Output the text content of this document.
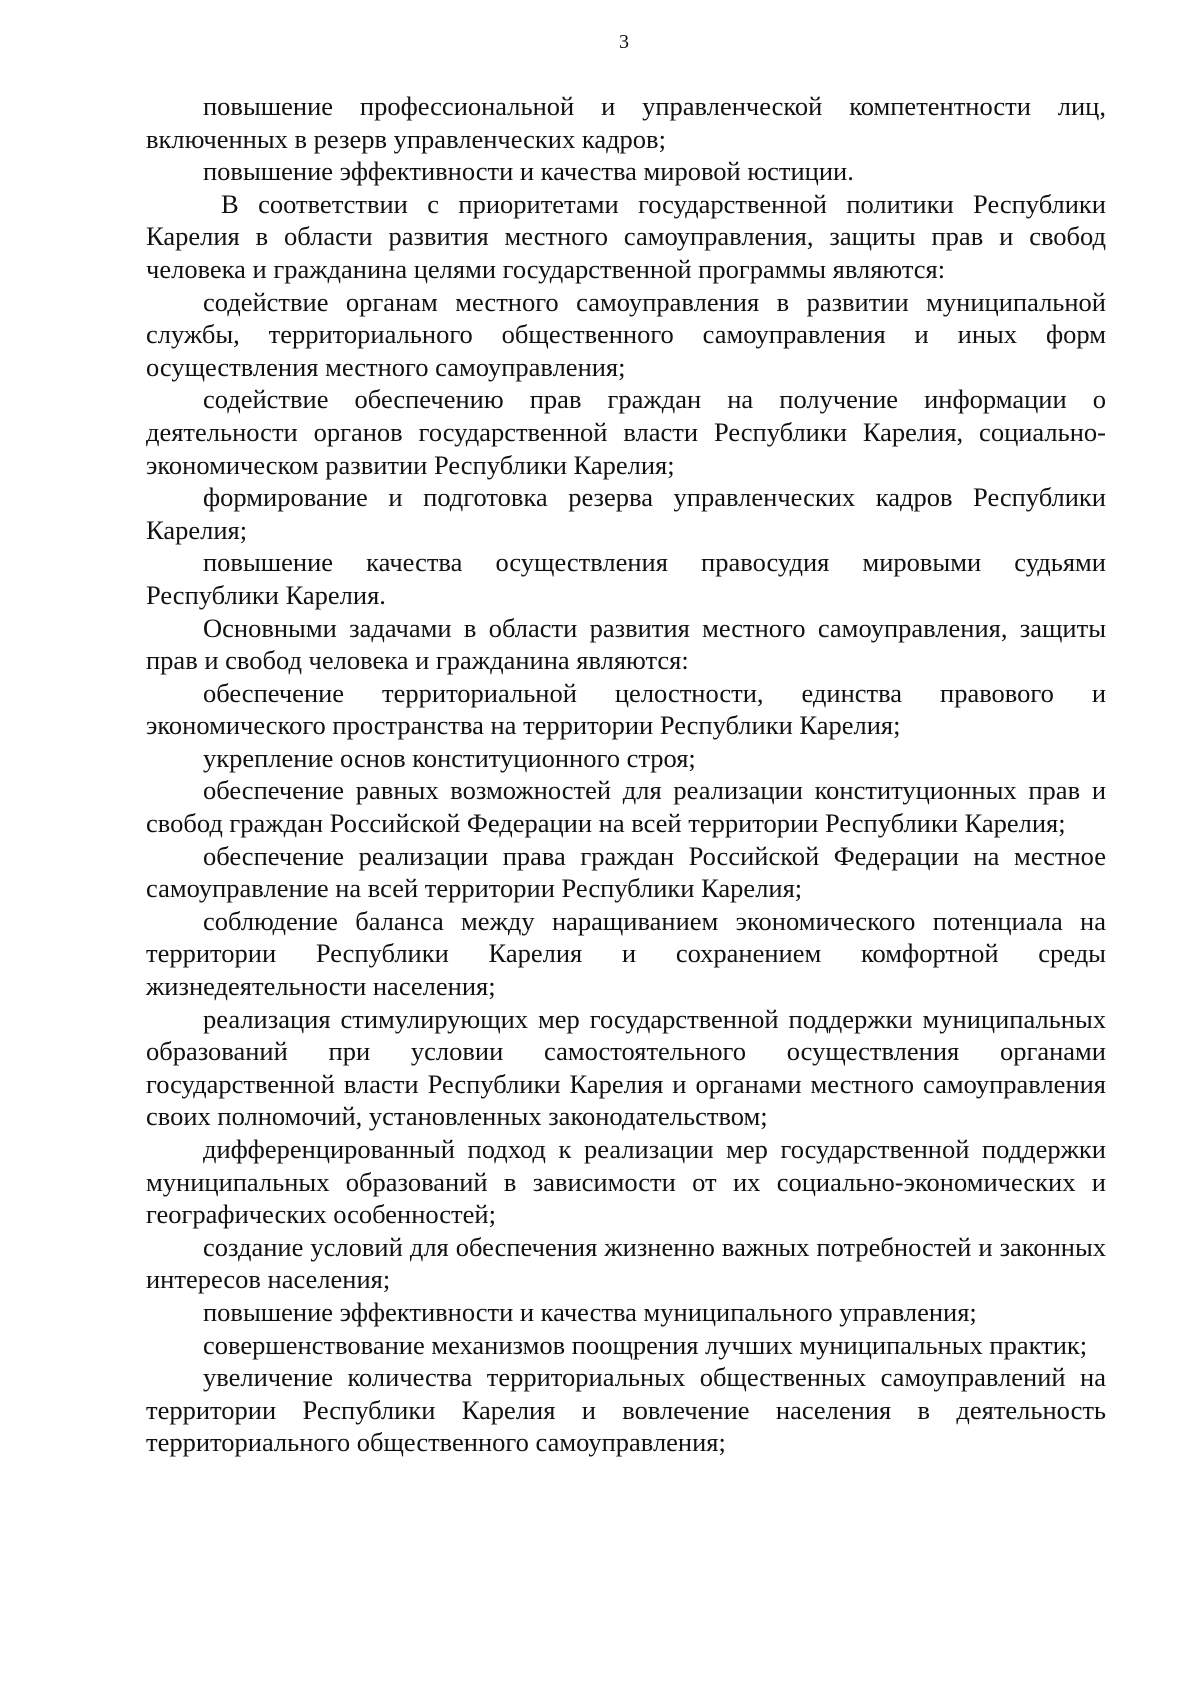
3

повышение профессиональной и управленческой компетентности лиц, включенных в резерв управленческих кадров;

повышение эффективности и качества мировой юстиции.

В соответствии с приоритетами государственной политики Республики Карелия в области развития местного самоуправления, защиты прав и свобод человека и гражданина целями государственной программы являются:

содействие органам местного самоуправления в развитии муниципальной службы, территориального общественного самоуправления и иных форм осуществления местного самоуправления;

содействие обеспечению прав граждан на получение информации о деятельности органов государственной власти Республики Карелия, социально-экономическом развитии Республики Карелия;

формирование и подготовка резерва управленческих кадров Республики Карелия;

повышение качества осуществления правосудия мировыми судьями Республики Карелия.

Основными задачами в области развития местного самоуправления, защиты прав и свобод человека и гражданина являются:

обеспечение территориальной целостности, единства правового и экономического пространства на территории Республики Карелия;

укрепление основ конституционного строя;

обеспечение равных возможностей для реализации конституционных прав и свобод граждан Российской Федерации на всей территории Республики Карелия;

обеспечение реализации права граждан Российской Федерации на местное самоуправление на всей территории Республики Карелия;

соблюдение баланса между наращиванием экономического потенциала на территории Республики Карелия и сохранением комфортной среды жизнедеятельности населения;

реализация стимулирующих мер государственной поддержки муниципальных образований при условии самостоятельного осуществления органами государственной власти Республики Карелия и органами местного самоуправления своих полномочий, установленных законодательством;

дифференцированный подход к реализации мер государственной поддержки муниципальных образований в зависимости от их социально-экономических и географических особенностей;

создание условий для обеспечения жизненно важных потребностей и законных интересов населения;

повышение эффективности и качества муниципального управления;

совершенствование механизмов поощрения лучших муниципальных практик;

увеличение количества территориальных общественных самоуправлений на территории Республики Карелия и вовлечение населения в деятельность территориального общественного самоуправления;
